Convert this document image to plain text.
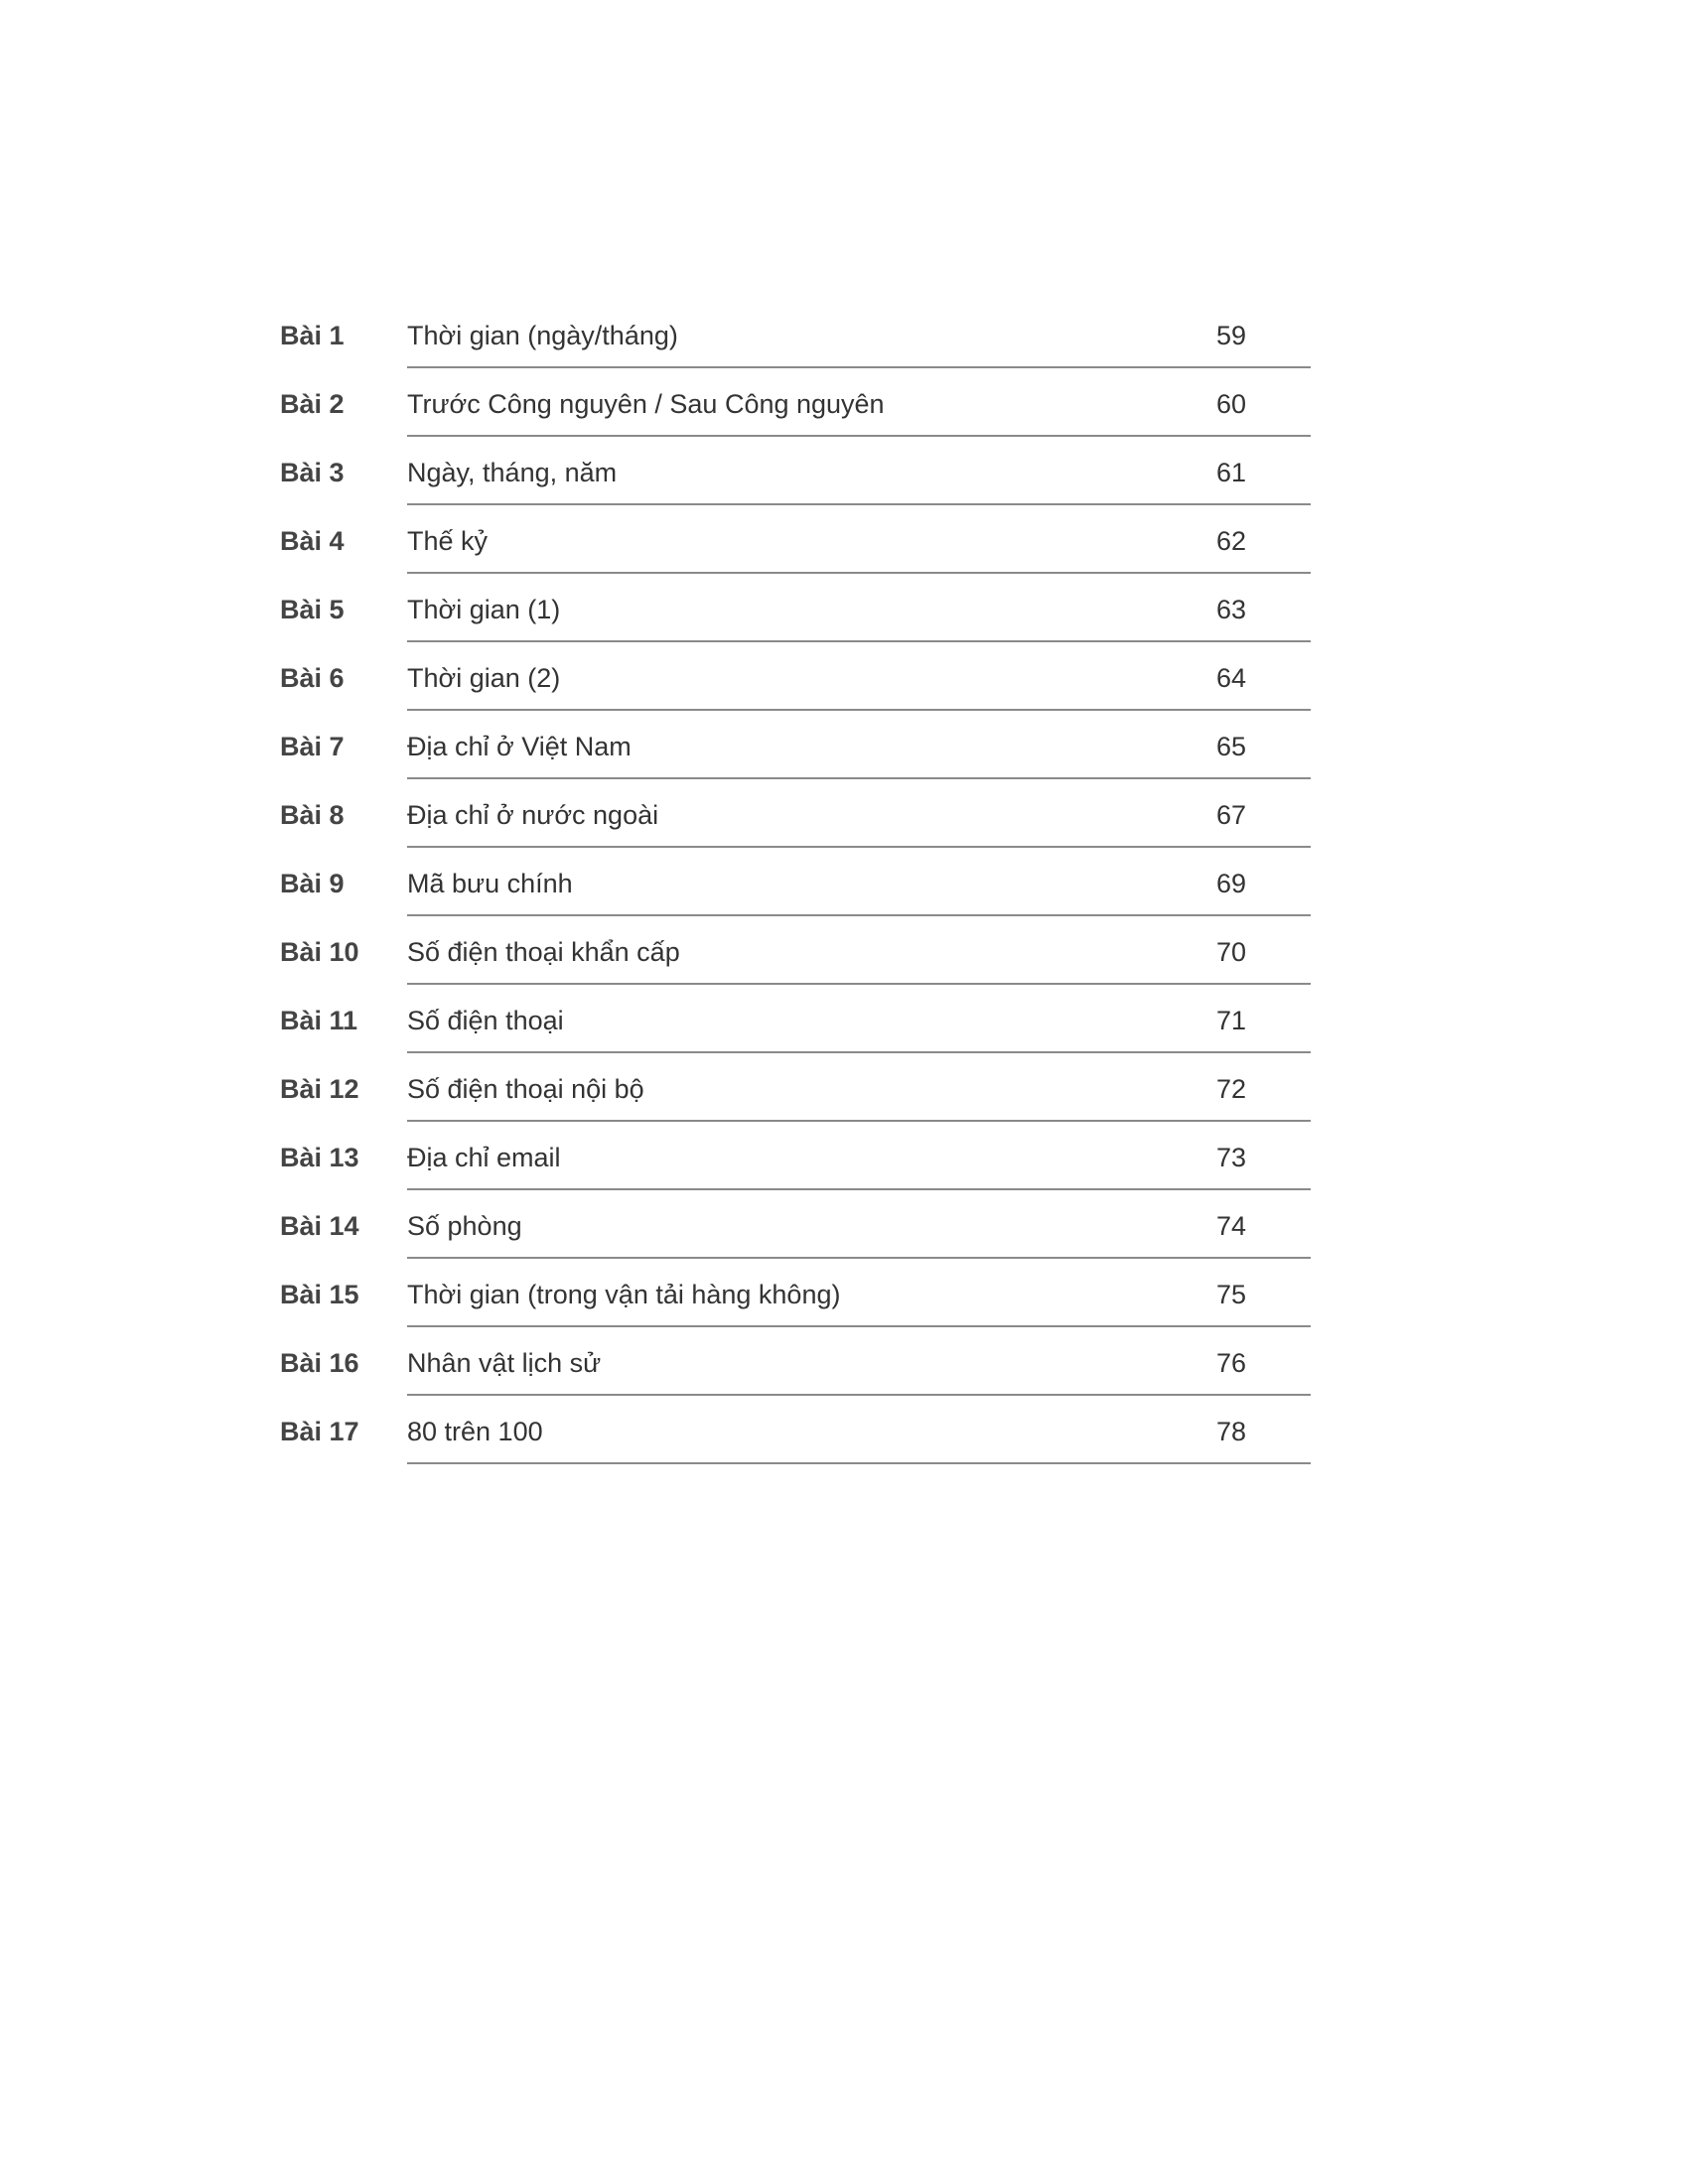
Bài 1 Thời gian (ngày/tháng)	59
Bài 2 Trước Công nguyên / Sau Công nguyên	60
Bài 3 Ngày, tháng, năm	61
Bài 4 Thế kỷ	62
Bài 5 Thời gian (1)	63
Bài 6 Thời gian (2)	64
Bài 7 Địa chỉ ở Việt Nam	65
Bài 8 Địa chỉ ở nước ngoài	67
Bài 9 Mã bưu chính	69
Bài 10 Số điện thoại khẩn cấp	70
Bài 11 Số điện thoại	71
Bài 12 Số điện thoại nội bộ	72
Bài 13 Địa chỉ email	73
Bài 14 Số phòng	74
Bài 15 Thời gian (trong vận tải hàng không)	75
Bài 16 Nhân vật lịch sử	76
Bài 17 80 trên 100	78
